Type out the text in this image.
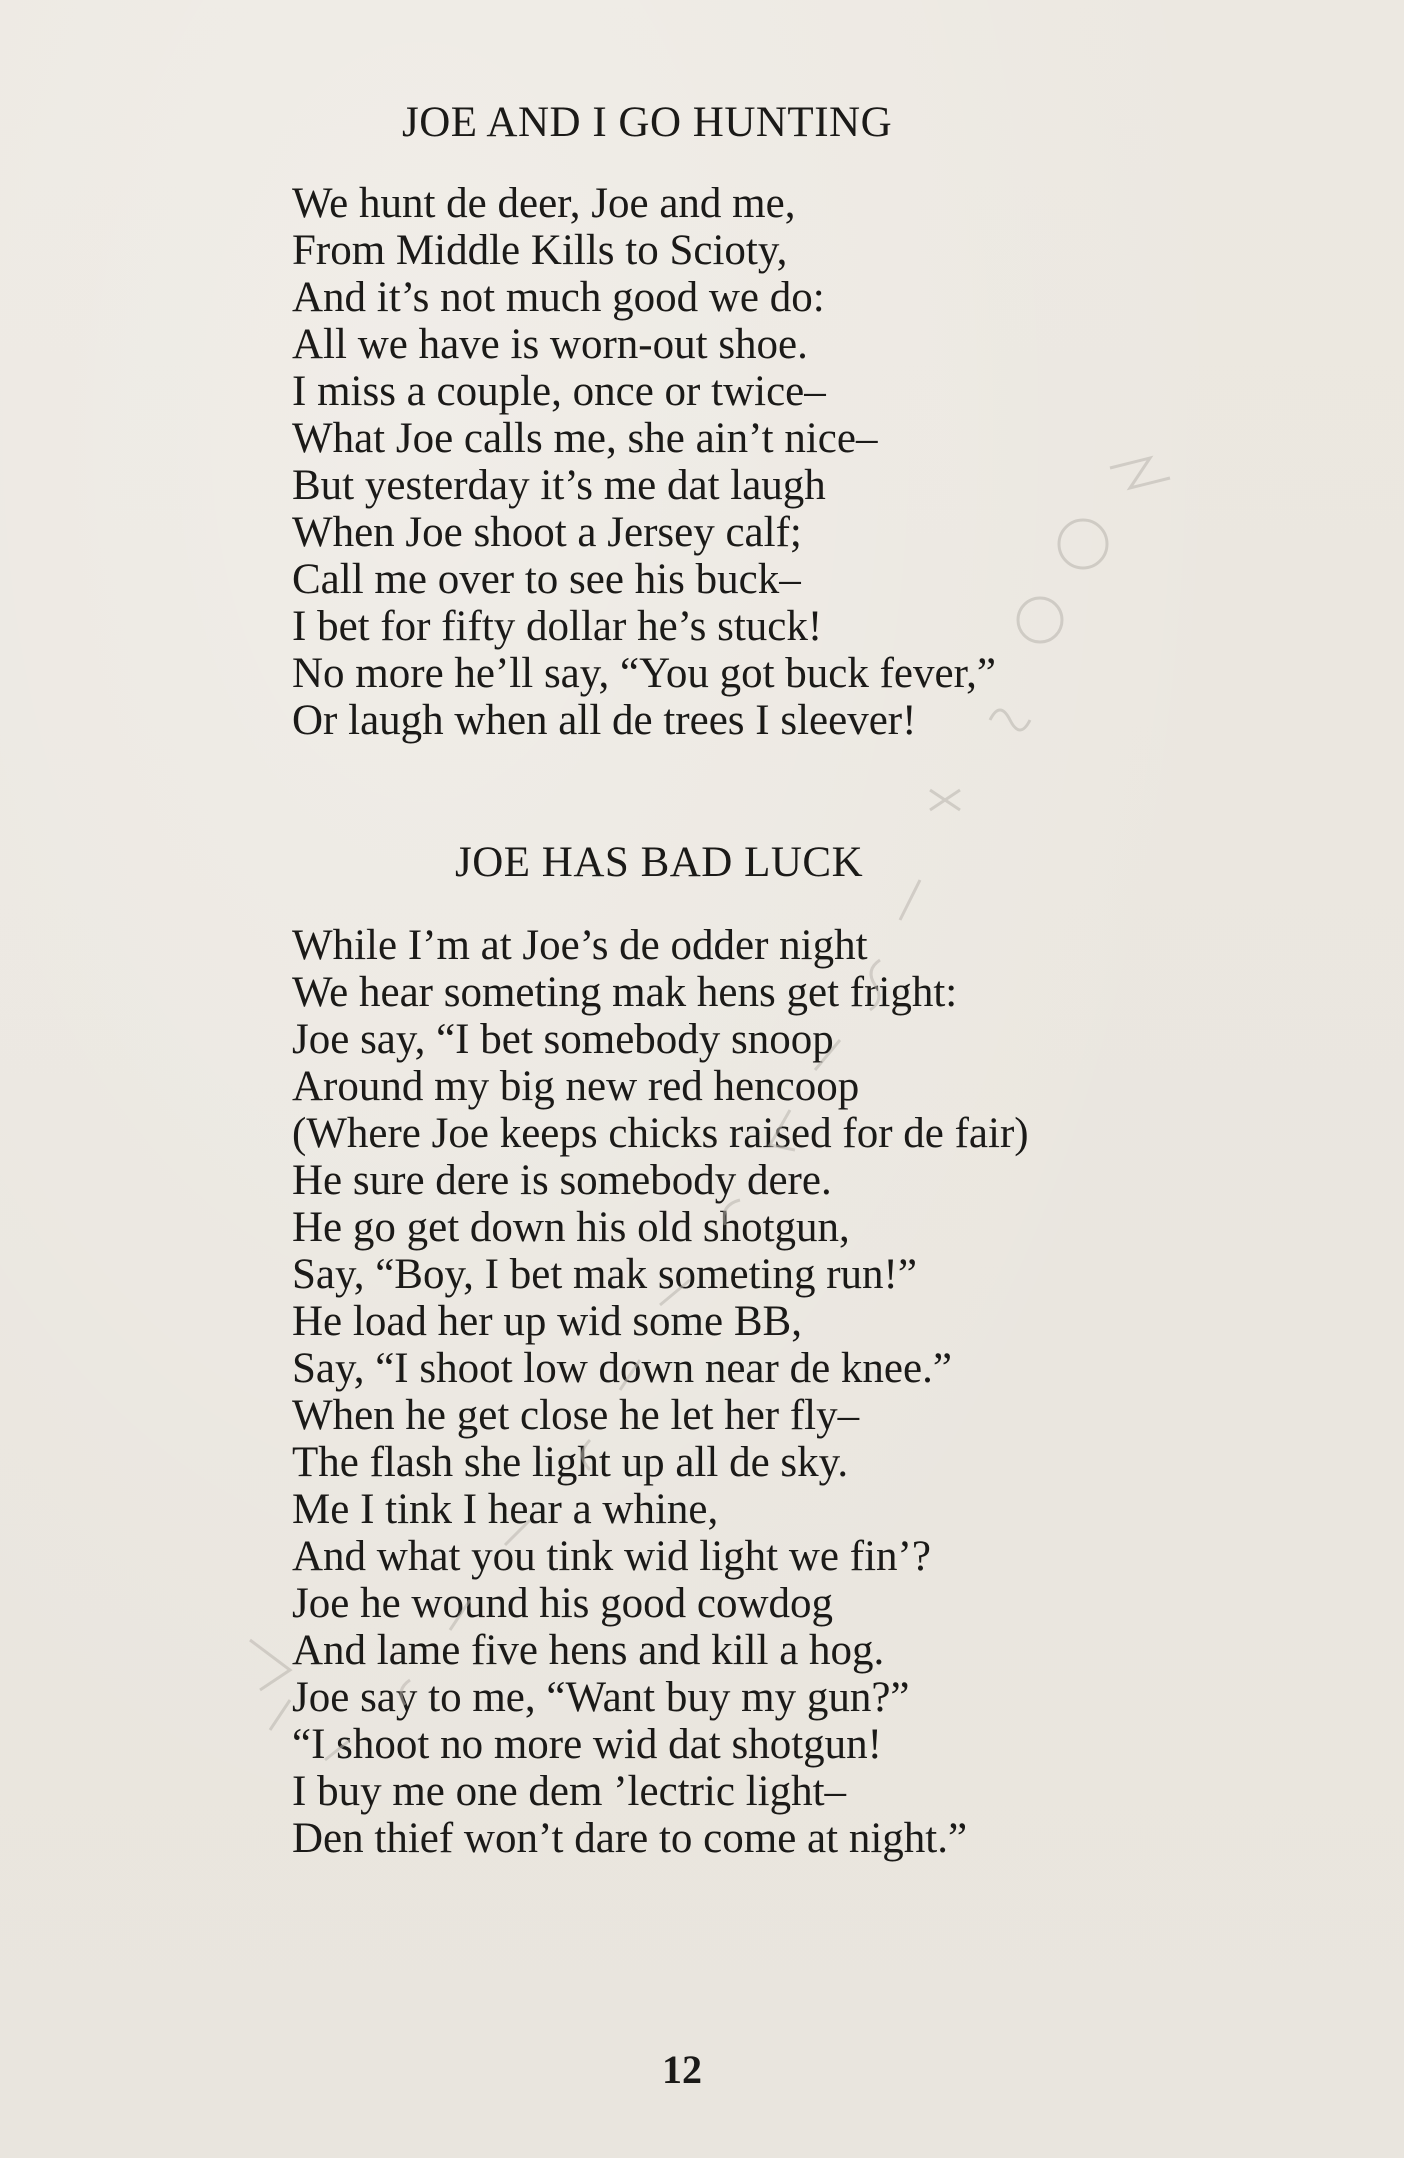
JOE AND I GO HUNTING
We hunt de deer, Joe and me,
From Middle Kills to Scioty,
And it’s not much good we do:
All we have is worn-out shoe.
I miss a couple, once or twice–
What Joe calls me, she ain’t nice–
But yesterday it’s me dat laugh
When Joe shoot a Jersey calf;
Call me over to see his buck–
I bet for fifty dollar he’s stuck!
No more he’ll say, “You got buck fever,”
Or laugh when all de trees I sleever!
JOE HAS BAD LUCK
While I’m at Joe’s de odder night
We hear someting mak hens get fright:
Joe say, “I bet somebody snoop
Around my big new red hencoop
(Where Joe keeps chicks raised for de fair)
He sure dere is somebody dere.
He go get down his old shotgun,
Say, “Boy, I bet mak someting run!”
He load her up wid some BB,
Say, “I shoot low down near de knee.”
When he get close he let her fly–
The flash she light up all de sky.
Me I tink I hear a whine,
And what you tink wid light we fin’?
Joe he wound his good cowdog
And lame five hens and kill a hog.
Joe say to me, “Want buy my gun?”
“I shoot no more wid dat shotgun!
I buy me one dem ’lectric light–
Den thief won’t dare to come at night.”
12
